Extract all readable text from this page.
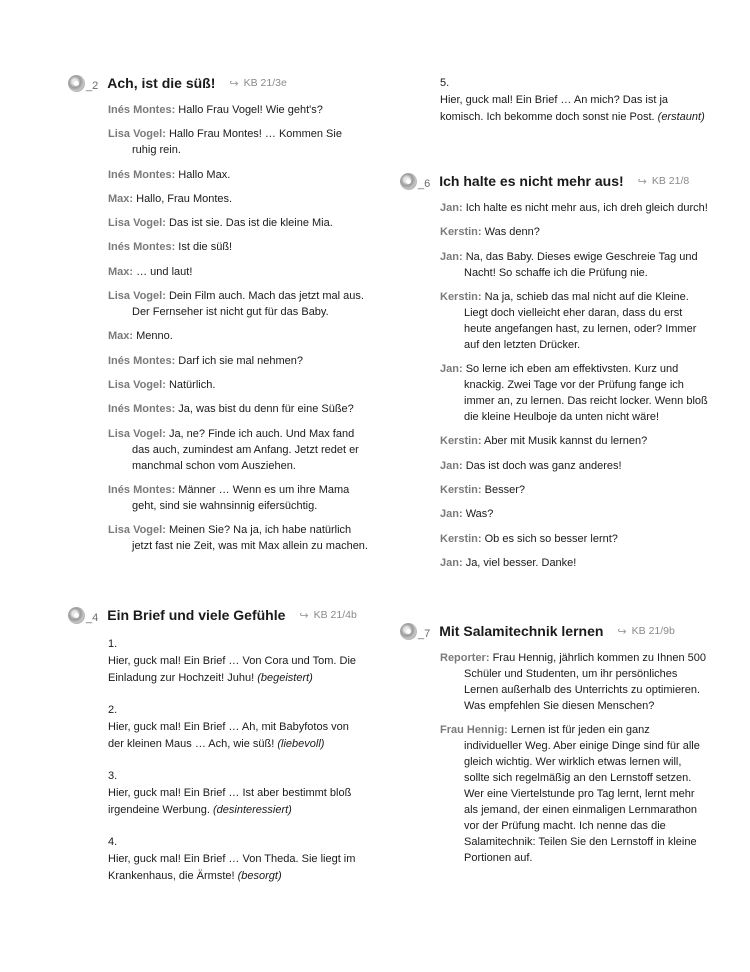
_2 Ach, ist die süß! ↪ KB 21/3e
Inés Montes: Hallo Frau Vogel! Wie geht's?
Lisa Vogel: Hallo Frau Montes! … Kommen Sie ruhig rein.
Inés Montes: Hallo Max.
Max: Hallo, Frau Montes.
Lisa Vogel: Das ist sie. Das ist die kleine Mia.
Inés Montes: Ist die süß!
Max: … und laut!
Lisa Vogel: Dein Film auch. Mach das jetzt mal aus. Der Fernseher ist nicht gut für das Baby.
Max: Menno.
Inés Montes: Darf ich sie mal nehmen?
Lisa Vogel: Natürlich.
Inés Montes: Ja, was bist du denn für eine Süße?
Lisa Vogel: Ja, ne? Finde ich auch. Und Max fand das auch, zumindest am Anfang. Jetzt redet er manchmal schon vom Ausziehen.
Inés Montes: Männer … Wenn es um ihre Mama geht, sind sie wahnsinnig eifersüchtig.
Lisa Vogel: Meinen Sie? Na ja, ich habe natürlich jetzt fast nie Zeit, was mit Max allein zu machen.
_4 Ein Brief und viele Gefühle ↪ KB 21/4b
1.
Hier, guck mal! Ein Brief … Von Cora und Tom. Die Einladung zur Hochzeit! Juhu! (begeistert)
2.
Hier, guck mal! Ein Brief … Ah, mit Babyfotos von der kleinen Maus … Ach, wie süß! (liebevoll)
3.
Hier, guck mal! Ein Brief … Ist aber bestimmt bloß irgendeine Werbung. (desinteressiert)
4.
Hier, guck mal! Ein Brief … Von Theda. Sie liegt im Krankenhaus, die Ärmste! (besorgt)
5.
Hier, guck mal! Ein Brief … An mich? Das ist ja komisch. Ich bekomme doch sonst nie Post. (erstaunt)
_6 Ich halte es nicht mehr aus! ↪ KB 21/8
Jan: Ich halte es nicht mehr aus, ich dreh gleich durch!
Kerstin: Was denn?
Jan: Na, das Baby. Dieses ewige Geschreie Tag und Nacht! So schaffe ich die Prüfung nie.
Kerstin: Na ja, schieb das mal nicht auf die Kleine. Liegt doch vielleicht eher daran, dass du erst heute angefangen hast, zu lernen, oder? Immer auf den letzten Drücker.
Jan: So lerne ich eben am effektivsten. Kurz und knackig. Zwei Tage vor der Prüfung fange ich immer an, zu lernen. Das reicht locker. Wenn bloß die kleine Heulboje da unten nicht wäre!
Kerstin: Aber mit Musik kannst du lernen?
Jan: Das ist doch was ganz anderes!
Kerstin: Besser?
Jan: Was?
Kerstin: Ob es sich so besser lernt?
Jan: Ja, viel besser. Danke!
_7 Mit Salamitechnik lernen ↪ KB 21/9b
Reporter: Frau Hennig, jährlich kommen zu Ihnen 500 Schüler und Studenten, um ihr persönliches Lernen außerhalb des Unterrichts zu optimieren. Was empfehlen Sie diesen Menschen?
Frau Hennig: Lernen ist für jeden ein ganz individueller Weg. Aber einige Dinge sind für alle gleich wichtig. Wer wirklich etwas lernen will, sollte sich regelmäßig an den Lernstoff setzen. Wer eine Viertelstunde pro Tag lernt, lernt mehr als jemand, der einen einmaligen Lernmarathon vor der Prüfung macht. Ich nenne das die Salamitechnik: Teilen Sie den Lernstoff in kleine Portionen auf.
